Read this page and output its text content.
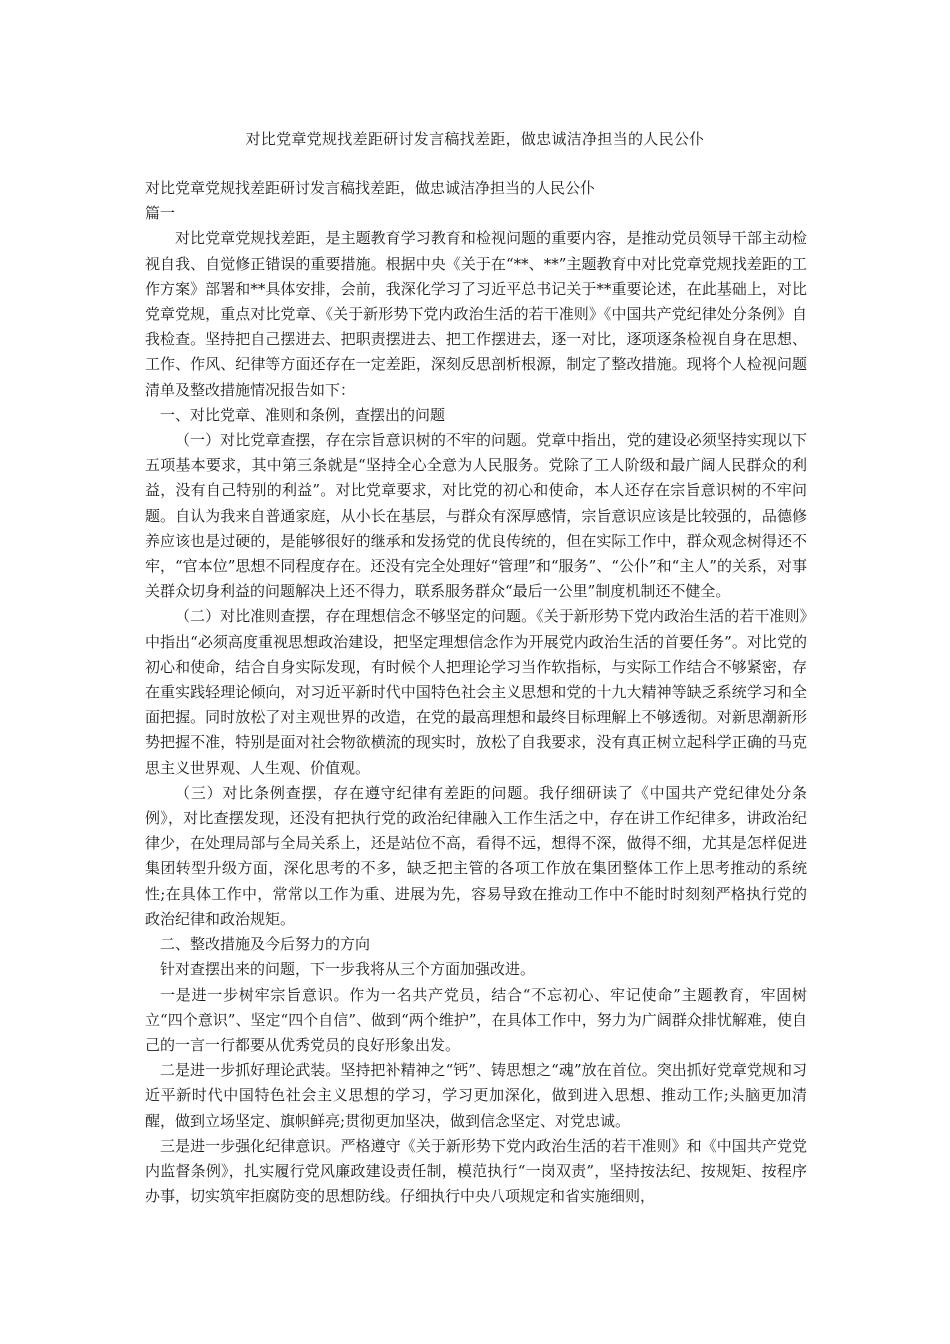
对比党章党规找差距研讨发言稿找差距，做忠诚洁净担当的人民公仆

对比党章党规找差距研讨发言稿找差距，做忠诚洁净担当的人民公仆

篇一

对比党章党规找差距，是主题教育学习教育和检视问题的重要内容，是推动党员领导干部主动检视自我、自觉修正错误的重要措施。根据中央《关于在“**、**”主题教育中对比党章党规找差距的工作方案》部署和**具体安排，会前，我深化学习了习近平总书记关于**重要论述，在此基础上，对比党章党规，重点对比党章、《关于新形势下党内政治生活的若干准则》《中国共产党纪律处分条例》自我检查。坚持把自己摆进去、把职责摆进去、把工作摆进去，逐一对比，逐项逐条检视自身在思想、工作、作风、纪律等方面还存在一定差距，深刻反思剖析根源，制定了整改措施。现将个人检视问题清单及整改措施情况报告如下：

一、对比党章、准则和条例，查摆出的问题

（一）对比党章查摆，存在宗旨意识树的不牢的问题。党章中指出，党的建设必须坚持实现以下五项基本要求，其中第三条就是“坚持全心全意为人民服务。党除了工人阶级和最广阔人民群众的利益，没有自己特别的利益”。对比党章要求，对比党的初心和使命，本人还存在宗旨意识树的不牢问题。自认为我来自普通家庭，从小长在基层，与群众有深厚感情，宗旨意识应该是比较强的，品德修养应该也是过硬的，是能够很好的继承和发扬党的优良传统的，但在实际工作中，群众观念树得还不牢，“官本位”思想不同程度存在。还没有完全处理好“管理”和“服务”、“公仆”和“主人”的关系，对事关群众切身利益的问题解决上还不得力，联系服务群众“最后一公里”制度机制还不健全。

（二）对比准则查摆，存在理想信念不够坚定的问题。《关于新形势下党内政治生活的若干准则》中指出“必须高度重视思想政治建设，把坚定理想信念作为开展党内政治生活的首要任务”。对比党的初心和使命，结合自身实际发现，有时候个人把理论学习当作软指标，与实际工作结合不够紧密，存在重实践轻理论倾向，对习近平新时代中国特色社会主义思想和党的十九大精神等缺乏系统学习和全面把握。同时放松了对主观世界的改造，在党的最高理想和最终目标理解上不够透彻。对新思潮新形势把握不准，特别是面对社会物欲横流的现实时，放松了自我要求，没有真正树立起科学正确的马克思主义世界观、人生观、价值观。

（三）对比条例查摆，存在遵守纪律有差距的问题。我仔细研读了《中国共产党纪律处分条例》，对比查摆发现，还没有把执行党的政治纪律融入工作生活之中，存在讲工作纪律多，讲政治纪律少，在处理局部与全局关系上，还是站位不高，看得不远，想得不深，做得不细，尤其是怎样促进集团转型升级方面，深化思考的不多，缺乏把主管的各项工作放在集团整体工作上思考推动的系统性;在具体工作中，常常以工作为重、进展为先，容易导致在推动工作中不能时时刻刻严格执行党的政治纪律和政治规矩。

二、整改措施及今后努力的方向

针对查摆出来的问题，下一步我将从三个方面加强改进。

一是进一步树牢宗旨意识。作为一名共产党员，结合“不忘初心、牢记使命”主题教育，牢固树立“四个意识”、坚定“四个自信”、做到“两个维护”，在具体工作中，努力为广阔群众排忧解难，使自己的一言一行都要从优秀党员的良好形象出发。

二是进一步抓好理论武装。坚持把补精神之“钙”、铸思想之“魂”放在首位。突出抓好党章党规和习近平新时代中国特色社会主义思想的学习，学习更加深化，做到进入思想、推动工作;头脑更加清醒，做到立场坚定、旗帜鲜亮;贯彻更加坚决，做到信念坚定、对党忠诚。

三是进一步强化纪律意识。严格遵守《关于新形势下党内政治生活的若干准则》和《中国共产党党内监督条例》，扎实履行党风廉政建设责任制，模范执行“一岗双责”，坚持按法纪、按规矩、按程序办事，切实筑牢拒腐防变的思想防线。仔细执行中央八项规定和省实施细则，
